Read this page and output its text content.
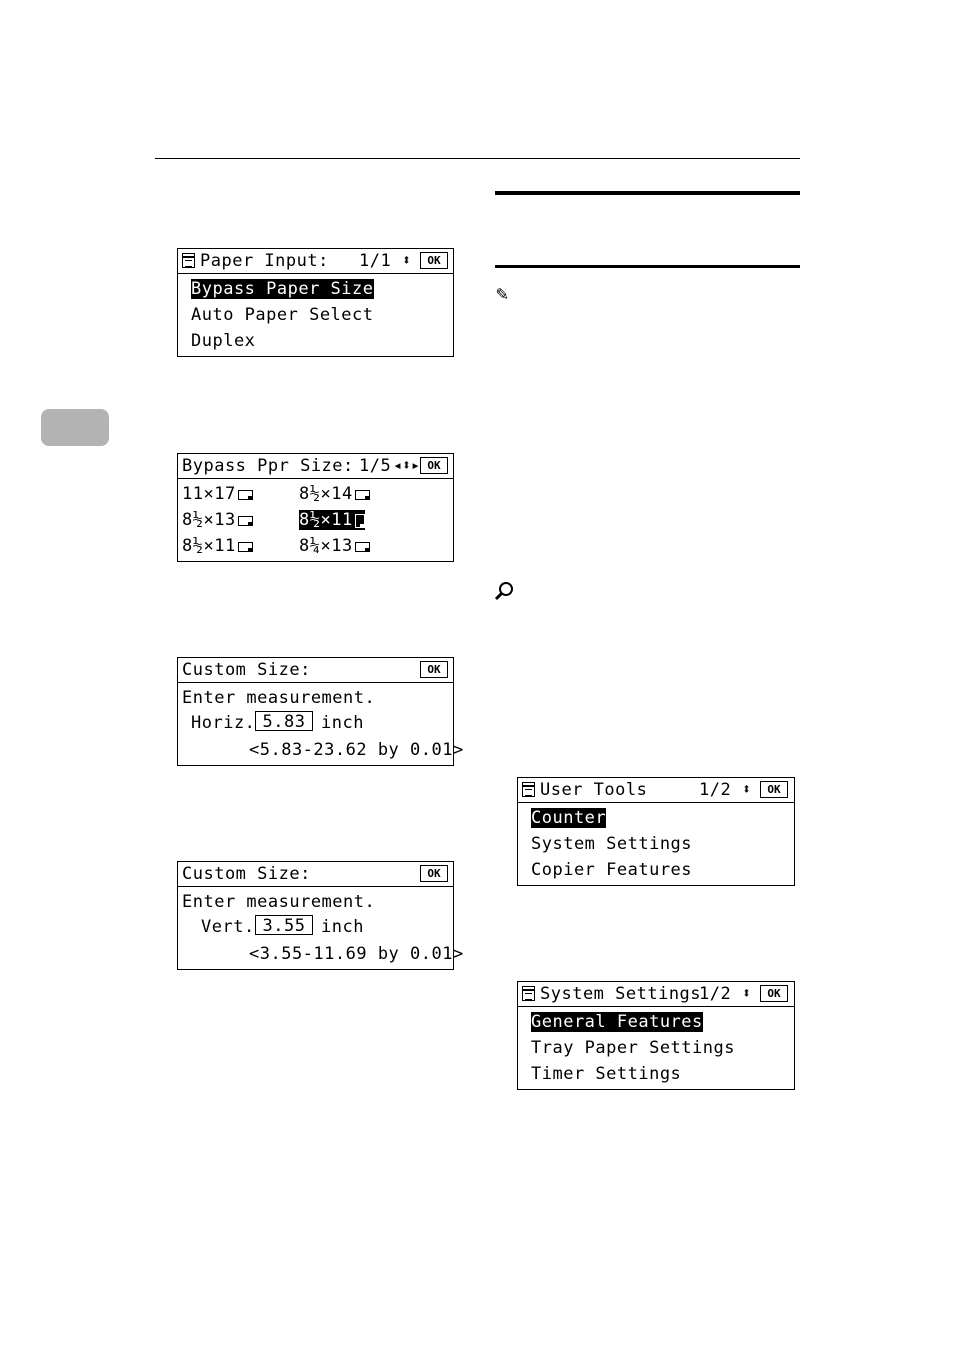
✎
Paper Input: 1/1 ⬍	OK
Bypass Paper Size
Auto Paper Select
Duplex
Bypass Ppr Size: 1/5 ◂⬍▸ OK
11×17	8½×14
8½×13	8½×11
8½×11	8¼×13
Custom Size:	OK
Enter measurement.
Horiz. 5.83 inch
<5.83-23.62 by 0.01>
Custom Size:	OK
Enter measurement.
Vert. 3.55 inch
<3.55-11.69 by 0.01>
User Tools	1/2 ⬍	OK
Counter
System Settings
Copier Features
System Settings
1/2 ⬍	OK
General Features
Tray Paper Settings
Timer Settings
